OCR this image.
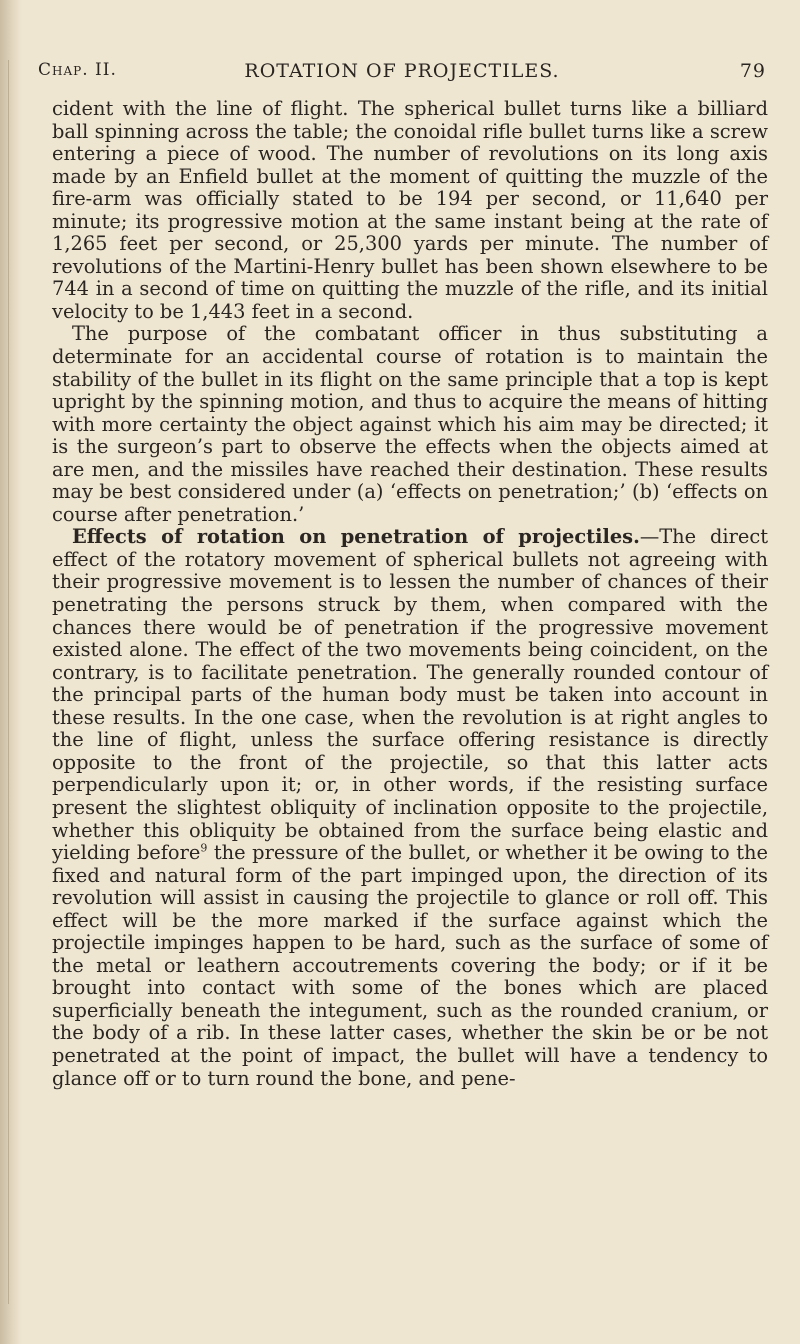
Chap. II.	ROTATION OF PROJECTILES.	79

cident with the line of flight. The spherical bullet turns like a billiard ball spinning across the table; the conoidal rifle bullet turns like a screw entering a piece of wood. The number of revolutions on its long axis made by an Enfield bullet at the moment of quitting the muzzle of the fire-arm was officially stated to be 194 per second, or 11,640 per minute; its progressive motion at the same instant being at the rate of 1,265 feet per second, or 25,300 yards per minute. The number of revolutions of the Martini-Henry bullet has been shown elsewhere to be 744 in a second of time on quitting the muzzle of the rifle, and its initial velocity to be 1,443 feet in a second.

The purpose of the combatant officer in thus substituting a determinate for an accidental course of rotation is to maintain the stability of the bullet in its flight on the same principle that a top is kept upright by the spinning motion, and thus to acquire the means of hitting with more certainty the object against which his aim may be directed; it is the surgeon’s part to observe the effects when the objects aimed at are men, and the missiles have reached their destination. These results may be best considered under (a) ‘effects on penetration;’ (b) ‘effects on course after penetration.’

Effects of rotation on penetration of projectiles.—The direct effect of the rotatory movement of spherical bullets not agreeing with their progressive movement is to lessen the number of chances of their penetrating the persons struck by them, when compared with the chances there would be of penetration if the progressive movement existed alone. The effect of the two movements being coincident, on the contrary, is to facilitate penetration. The generally rounded contour of the principal parts of the human body must be taken into account in these results. In the one case, when the revolution is at right angles to the line of flight, unless the surface offering resistance is directly opposite to the front of the projectile, so that this latter acts perpendicularly upon it; or, in other words, if the resisting surface present the slightest obliquity of inclination opposite to the projectile, whether this obliquity be obtained from the surface being elastic and yielding before$^9$ the pressure of the bullet, or whether it be owing to the fixed and natural form of the part impinged upon, the direction of its revolution will assist in causing the projectile to glance or roll off. This effect will be the more marked if the surface against which the projectile impinges happen to be hard, such as the surface of some of the metal or leathern accoutrements covering the body; or if it be brought into contact with some of the bones which are placed superficially beneath the integument, such as the rounded cranium, or the body of a rib. In these latter cases, whether the skin be or be not penetrated at the point of impact, the bullet will have a tendency to glance off or to turn round the bone, and pene-
